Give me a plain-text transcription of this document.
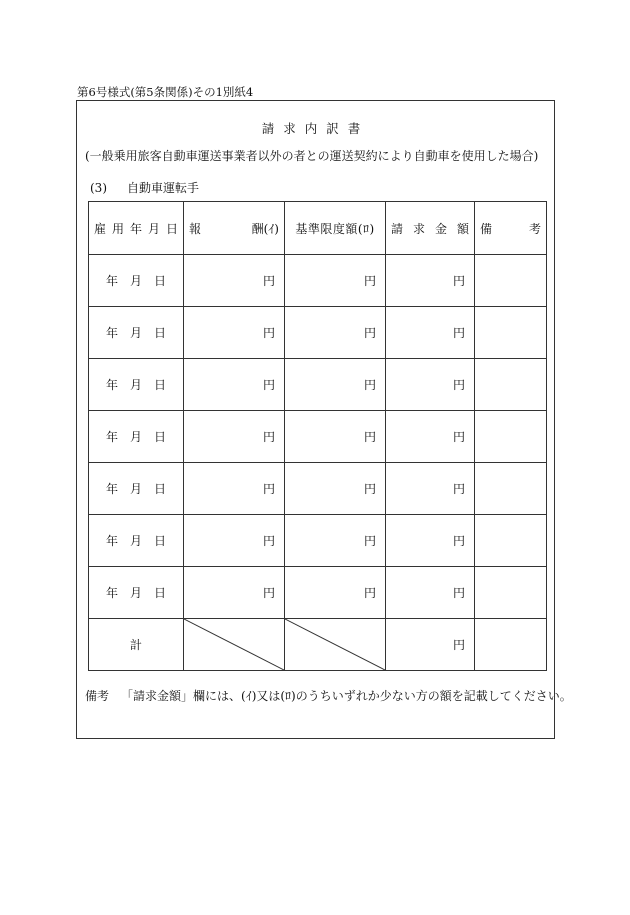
第6号様式(第5条関係)その1別紙4
請求内訳書
(一般乗用旅客自動車運送事業者以外の者との運送契約により自動車を使用した場合)
(3) 自動車運転手
雇用年月日	報 酬(ｲ)	基準限度額(ﾛ)	請求金額	備考

年 月 日	円	円	円	
年 月 日	円	円	円	
年 月 日	円	円	円	
年 月 日	円	円	円	
年 月 日	円	円	円	
年 月 日	円	円	円	
年 月 日	円	円	円	
計			円	
備考 「請求金額」欄には、(ｲ)又は(ﾛ)のうちいずれか少ない方の額を記載してください。
